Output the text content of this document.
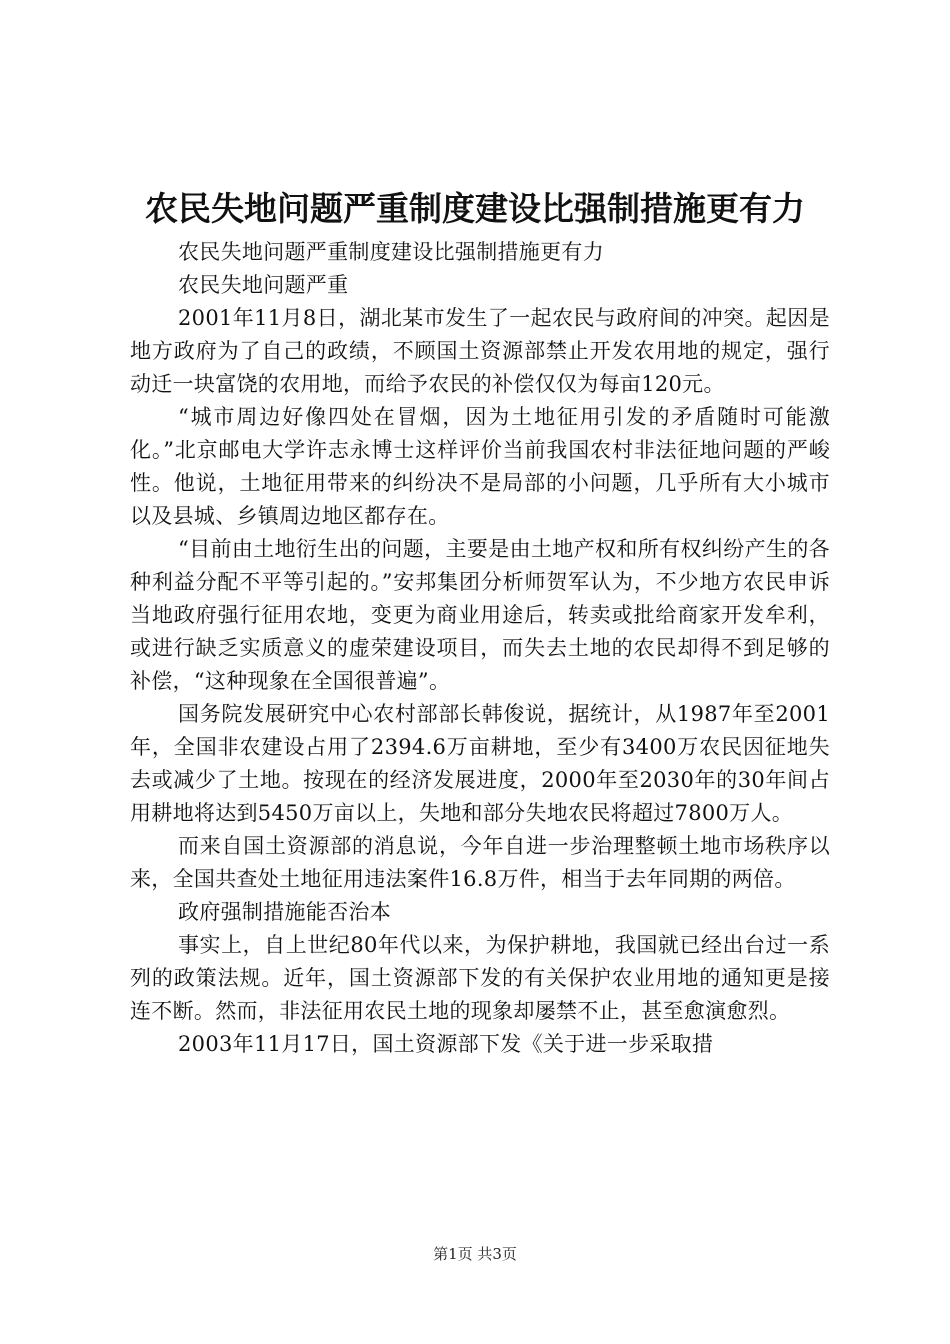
农民失地问题严重制度建设比强制措施更有力

农民失地问题严重制度建设比强制措施更有力

农民失地问题严重

2001年11月8日，湖北某市发生了一起农民与政府间的冲突。起因是地方政府为了自己的政绩，不顾国土资源部禁止开发农用地的规定，强行动迁一块富饶的农用地，而给予农民的补偿仅仅为每亩120元。

“城市周边好像四处在冒烟，因为土地征用引发的矛盾随时可能激化。”北京邮电大学许志永博士这样评价当前我国农村非法征地问题的严峻性。他说，土地征用带来的纠纷决不是局部的小问题，几乎所有大小城市以及县城、乡镇周边地区都存在。

“目前由土地衍生出的问题，主要是由土地产权和所有权纠纷产生的各种利益分配不平等引起的。”安邦集团分析师贺军认为，不少地方农民申诉当地政府强行征用农地，变更为商业用途后，转卖或批给商家开发牟利，或进行缺乏实质意义的虚荣建设项目，而失去土地的农民却得不到足够的补偿，“这种现象在全国很普遍”。

国务院发展研究中心农村部部长韩俊说，据统计，从1987年至2001年，全国非农建设占用了2394.6万亩耕地，至少有3400万农民因征地失去或减少了土地。按现在的经济发展进度，2000年至2030年的30年间占用耕地将达到5450万亩以上，失地和部分失地农民将超过7800万人。

而来自国土资源部的消息说，今年自进一步治理整顿土地市场秩序以来，全国共查处土地征用违法案件16.8万件，相当于去年同期的两倍。

政府强制措施能否治本

事实上，自上世纪80年代以来，为保护耕地，我国就已经出台过一系列的政策法规。近年，国土资源部下发的有关保护农业用地的通知更是接连不断。然而，非法征用农民土地的现象却屡禁不止，甚至愈演愈烈。

2003年11月17日，国土资源部下发《关于进一步采取措

第1页 共3页
